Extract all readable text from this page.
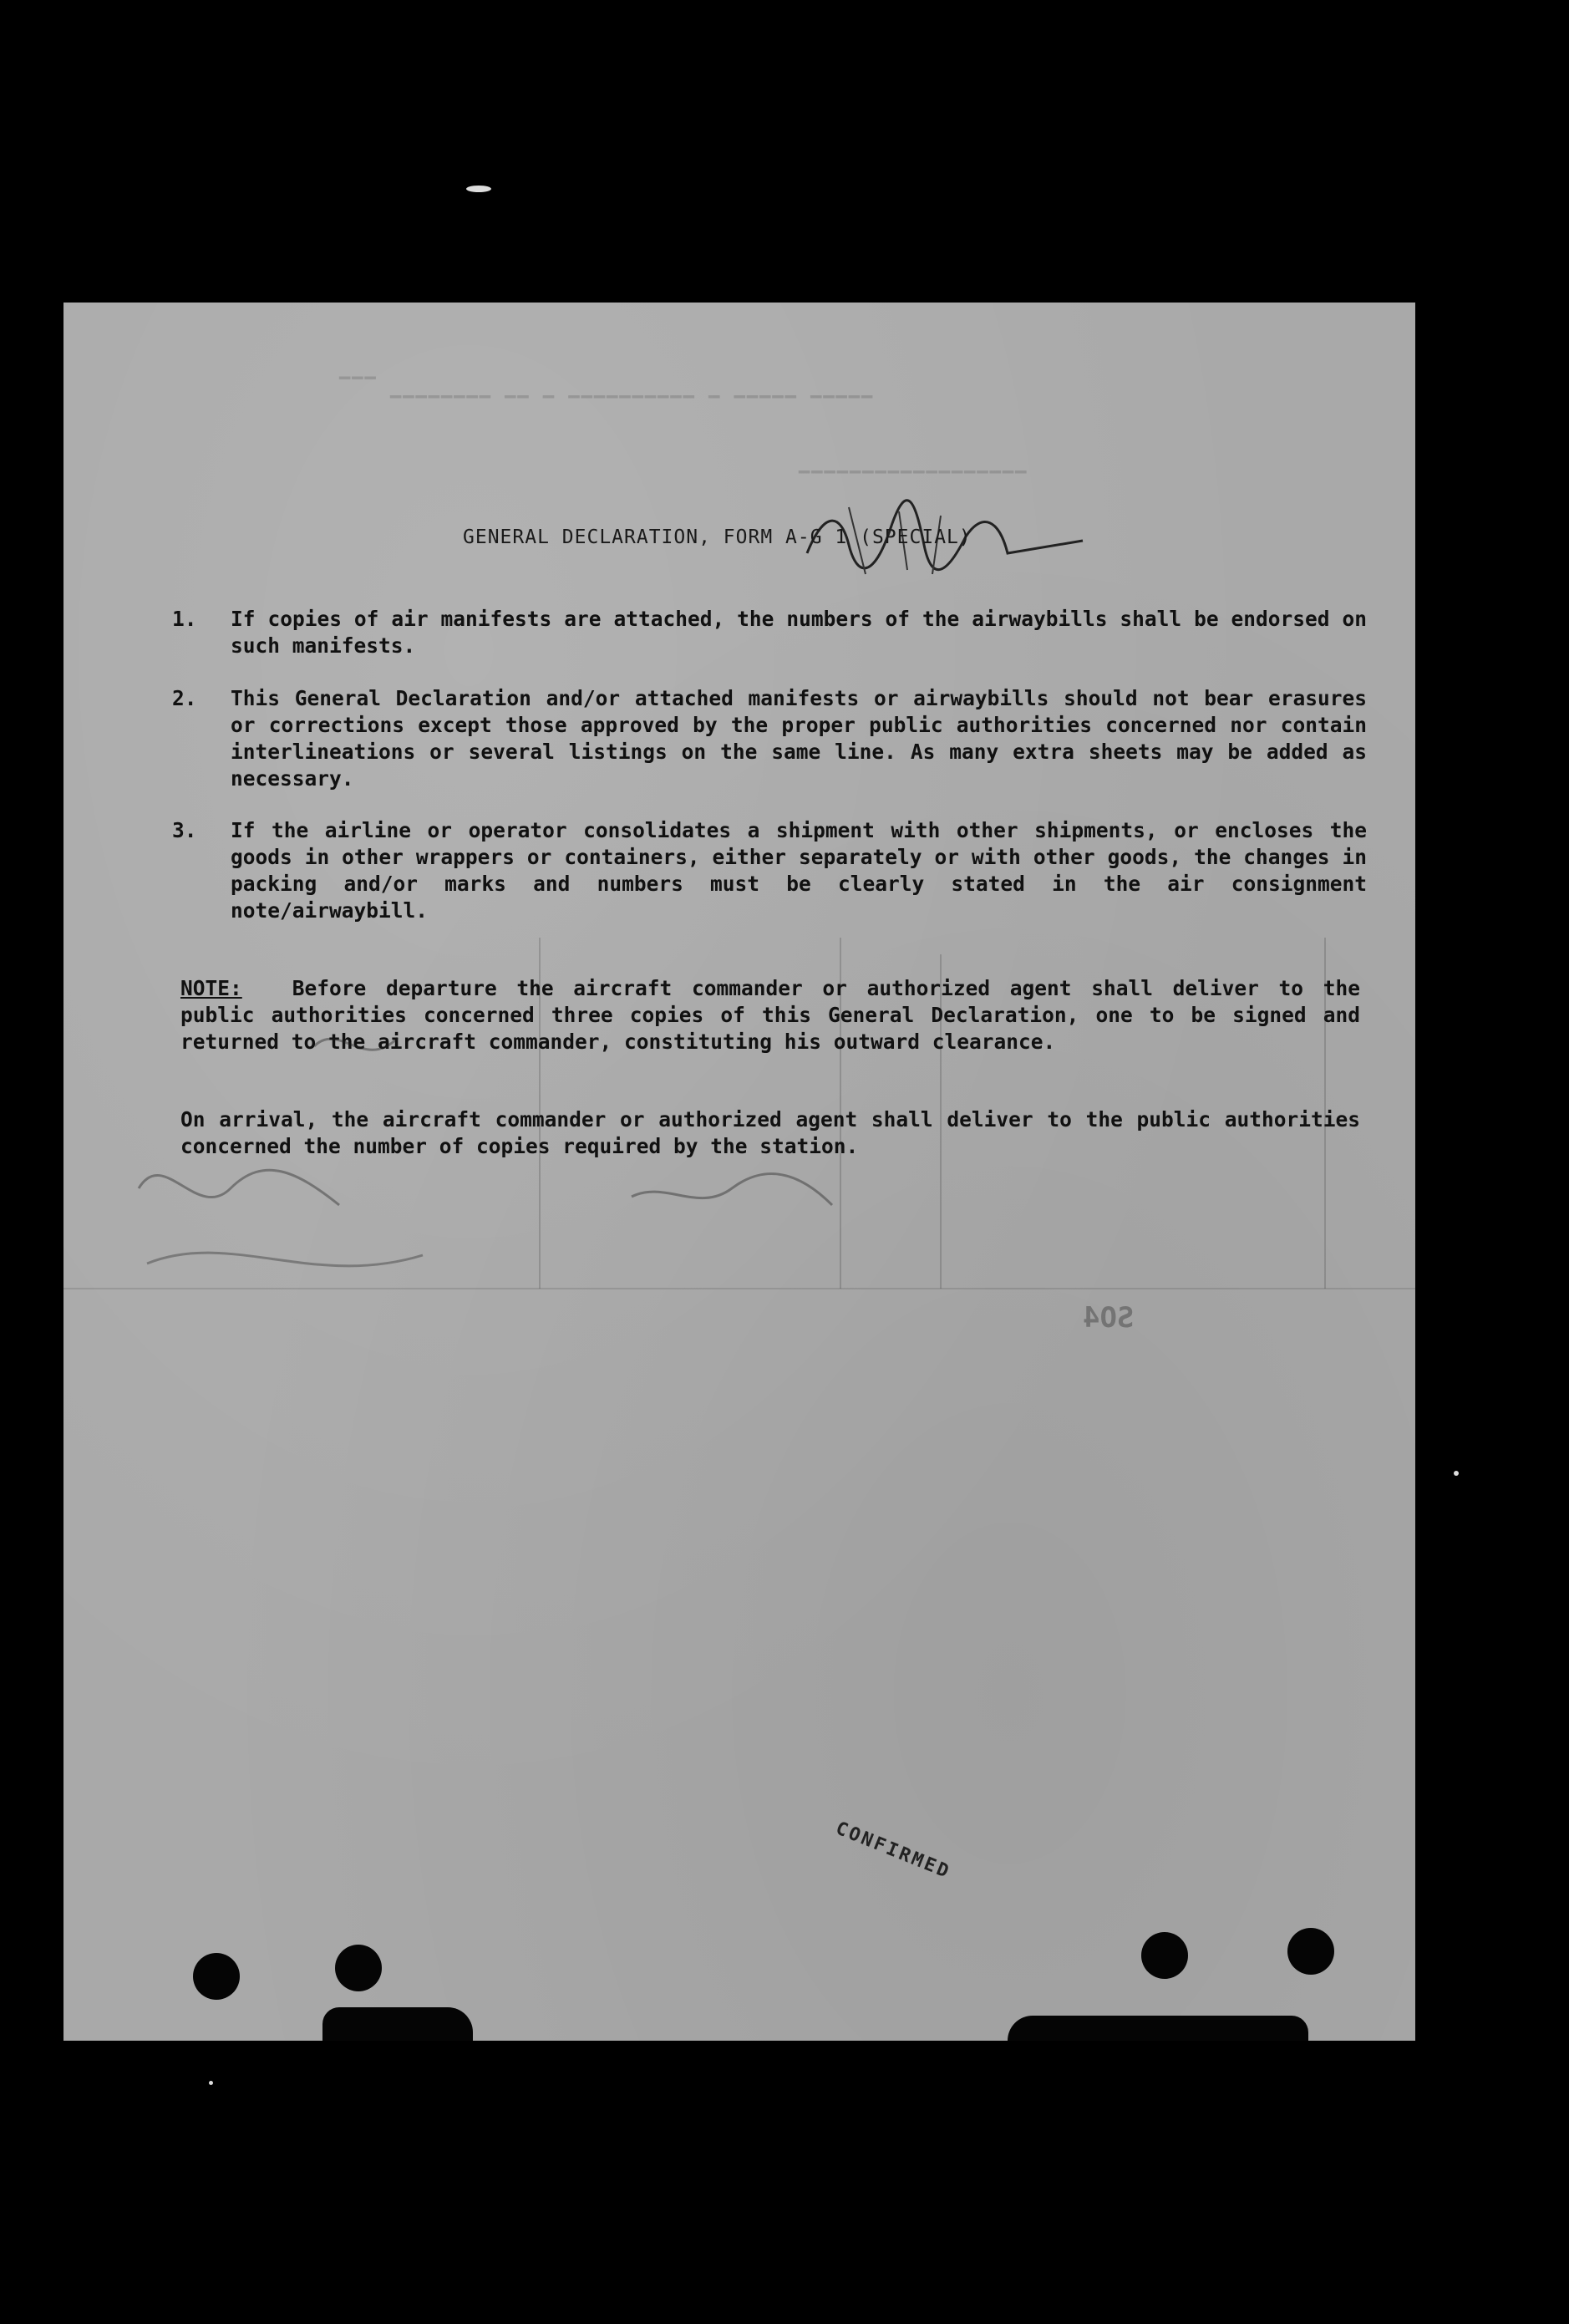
▔▔▔ ▁▁▁▁▁▁▁▁ ▁▁ ▁ ▁▁▁▁▁▁▁▁▁▁ ▁ ▁▁▁▁▁ ▁▁▁▁▁
▁▁▁▁▁▁▁▁▁▁▁▁▁▁▁▁▁▁
GENERAL DECLARATION, FORM A-G 1 (SPECIAL)
1. If copies of air manifests are attached, the numbers of the airwaybills shall be endorsed on such manifests.
2. This General Declaration and/or attached manifests or airwaybills should not bear erasures or corrections except those approved by the proper public authorities concerned nor contain interlineations or several listings on the same line. As many extra sheets may be added as necessary.
3. If the airline or operator consolidates a shipment with other shipments, or encloses the goods in other wrappers or containers, either separately or with other goods, the changes in packing and/or marks and numbers must be clearly stated in the air consignment note/airwaybill.
NOTE: Before departure the aircraft commander or authorized agent shall deliver to the public authorities concerned three copies of this General Declaration, one to be signed and returned to the aircraft commander, constituting his outward clearance.
On arrival, the aircraft commander or authorized agent shall deliver to the public authorities concerned the number of copies required by the station.
SO4
CONFIRMED
